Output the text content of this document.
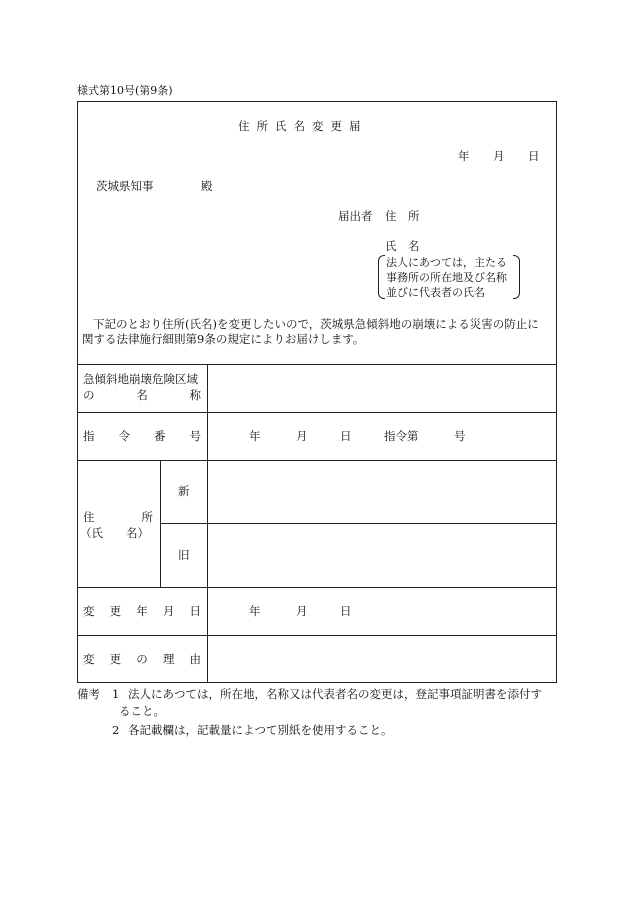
様式第10号(第9条)
住所氏名変更届
年 月 日
茨城県知事	殿
届出者 住　所
氏　名
法人にあつては，主たる
事務所の所在地及び名称
並びに代表者の氏名
下記のとおり住所(氏名)を変更したいので，茨城県急傾斜地の崩壊による災害の防止に
関する法律施行細則第9条の規定によりお届けします。
急傾斜地崩壊危険区域
の	名	称
指 令 番 号	年	月	日	指令第	号
住	所
（氏　　名）
新
旧
変 更 年 月 日	年	月	日
変 更 の 理 由
備考 1 法人にあつては，所在地，名称又は代表者名の変更は，登記事項証明書を添付す
ること。
2 各記載欄は，記載量によつて別紙を使用すること。
